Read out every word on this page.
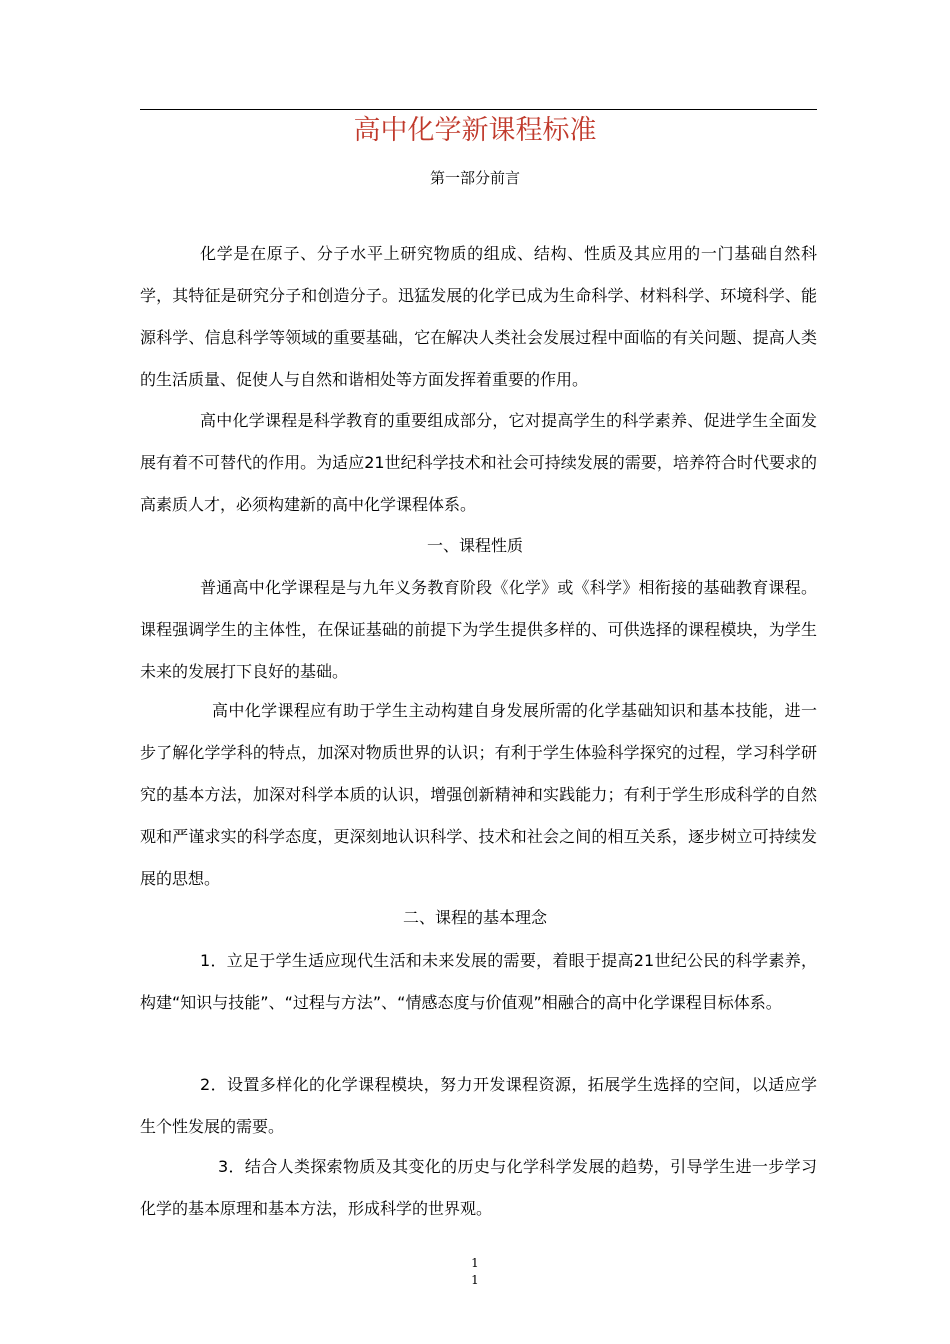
高中化学新课程标准

第一部分前言

化学是在原子、分子水平上研究物质的组成、结构、性质及其应用的一门基础自然科学，其特征是研究分子和创造分子。迅猛发展的化学已成为生命科学、材料科学、环境科学、能源科学、信息科学等领域的重要基础，它在解决人类社会发展过程中面临的有关问题、提高人类的生活质量、促使人与自然和谐相处等方面发挥着重要的作用。

高中化学课程是科学教育的重要组成部分，它对提高学生的科学素养、促进学生全面发展有着不可替代的作用。为适应21世纪科学技术和社会可持续发展的需要，培养符合时代要求的高素质人才，必须构建新的高中化学课程体系。

一、课程性质

普通高中化学课程是与九年义务教育阶段《化学》或《科学》相衔接的基础教育课程。课程强调学生的主体性，在保证基础的前提下为学生提供多样的、可供选择的课程模块，为学生未来的发展打下良好的基础。

高中化学课程应有助于学生主动构建自身发展所需的化学基础知识和基本技能，进一步了解化学学科的特点，加深对物质世界的认识；有利于学生体验科学探究的过程，学习科学研究的基本方法，加深对科学本质的认识，增强创新精神和实践能力；有利于学生形成科学的自然观和严谨求实的科学态度，更深刻地认识科学、技术和社会之间的相互关系，逐步树立可持续发展的思想。

二、课程的基本理念

1．立足于学生适应现代生活和未来发展的需要，着眼于提高21世纪公民的科学素养，构建“知识与技能”、“过程与方法”、“情感态度与价值观”相融合的高中化学课程目标体系。

2．设置多样化的化学课程模块，努力开发课程资源，拓展学生选择的空间，以适应学生个性发展的需要。

3．结合人类探索物质及其变化的历史与化学科学发展的趋势，引导学生进一步学习化学的基本原理和基本方法，形成科学的世界观。

1

1
